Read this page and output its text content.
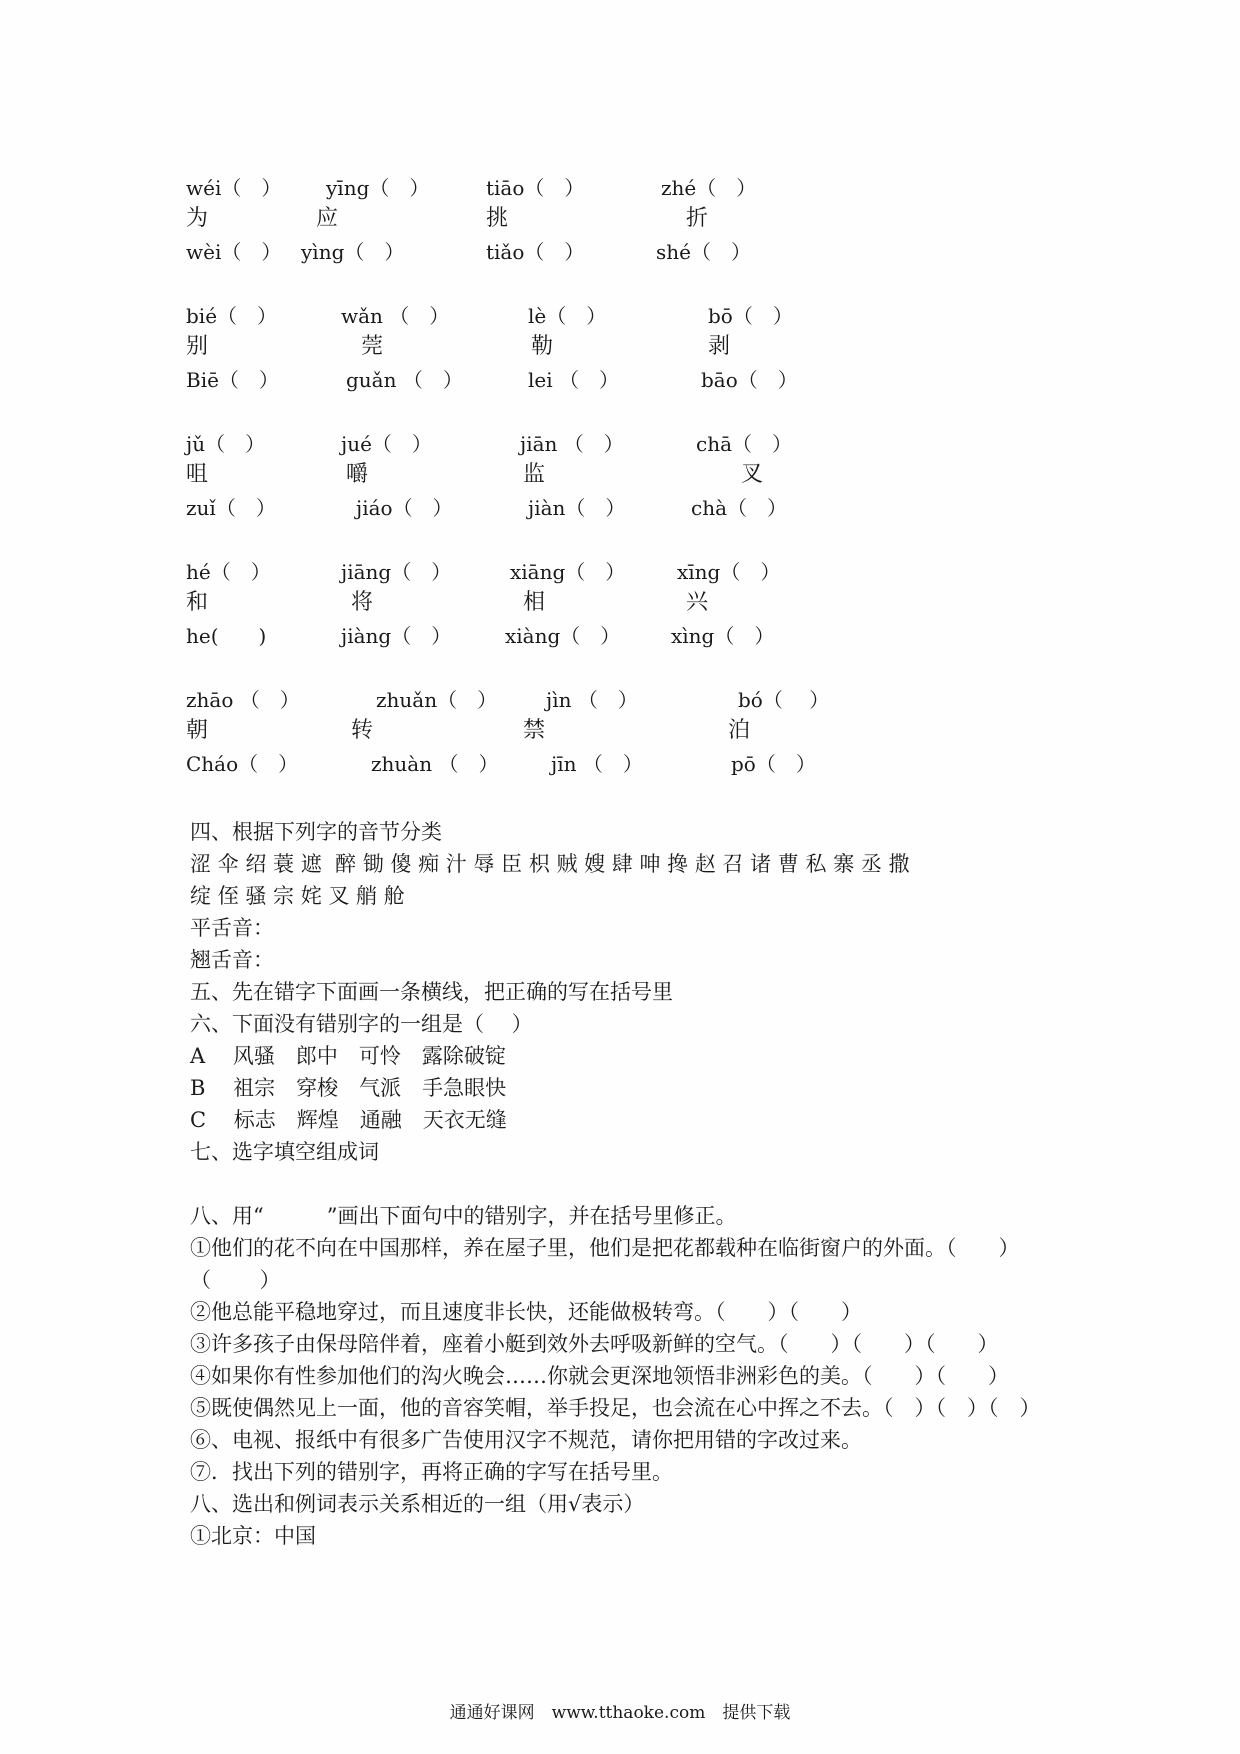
wéi（　） yīng（　）	tiāo（　）	zhé（　）
为	应	挑	折
wèi（　） yìng（　）	tiǎo（　）	shé（　）
bié（　）	wǎn （　）	lè（　）	bō（　）
别	莞	勒	剥
Biē（　）	guǎn （　）	lei （　）	bāo（　）
jǔ（　）	jué（　）	jiān （　）	chā（　）
咀	嚼	监	叉
zuǐ（　）	jiáo（　）	jiàn（　）	chà（　）
hé（　）	jiāng（　）	xiāng（　）	xīng（　）
和	将	相	兴
he(　　)	jiàng（　）	xiàng（　）	xìng（　）
zhāo （　）	zhuǎn（　） jìn （　）	bó（　 ）
朝	转	禁	泊
Cháo（　）	zhuàn （　）	jīn （　）	pō（　）
四、根据下列字的音节分类
涩 伞 绍 蓑 遮  醉 锄 傻 痴 汁 辱 臣 枳 贼 嫂 肆 呻 搀 赵 召 诸 曹 私 寨 丞 撒
绽 侄 骚 宗 姹 叉 艄 舱
平舌音：
翘舌音：
五、先在错字下面画一条横线，把正确的写在括号里
六、下面没有错别字的一组是（　 ）
A　 风骚　郎中　可怜　露除破锭
B　 祖宗　穿梭　气派　手急眼快
C　 标志　辉煌　通融　天衣无缝
七、选字填空组成词
八、用“　　　”画出下面句中的错别字，并在括号里修正。
①他们的花不向在中国那样，养在屋子里，他们是把花都载种在临街窗户的外面。（　　）
（　　 ）
②他总能平稳地穿过，而且速度非长快，还能做极转弯。（　　）（　　）
③许多孩子由保母陪伴着，座着小艇到效外去呼吸新鲜的空气。（　　）（　　）（　　）
④如果你有性参加他们的沟火晚会……你就会更深地领悟非洲彩色的美。（　　）（　　）
⑤既使偶然见上一面，他的音容笑帽，举手投足，也会流在心中挥之不去。（　）（　）（　）
⑥、电视、报纸中有很多广告使用汉字不规范，请你把用错的字改过来。
⑦．找出下列的错别字，再将正确的字写在括号里。
八、选出和例词表示关系相近的一组（用√表示）
①北京：中国
通通好课网　www.tthaoke.com　提供下载
